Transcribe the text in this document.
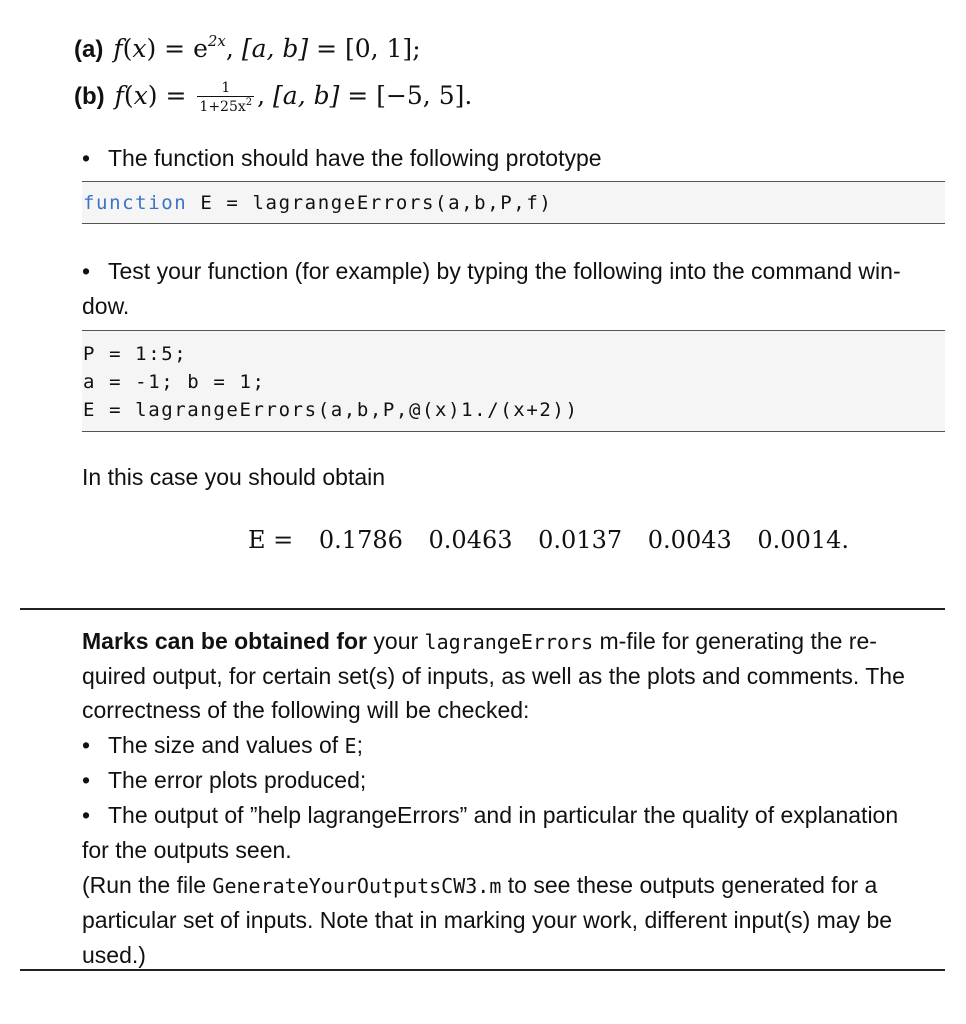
(a) $f(x) = e^{2x}$, [a, b] = [0, 1];
(b) $f(x) = \frac{1}{1+25x^2}$ , [a, b] = [−5, 5].
• The function should have the following prototype
function E = lagrangeErrors(a,b,P,f)
• Test your function (for example) by typing the following into the command win-
dow.
P = 1:5;
a = -1; b = 1;
E = lagrangeErrors(a,b,P,@(x)1./(x+2))
In this case you should obtain
E = 0.1786 0.0463 0.0137 0.0043 0.0014.
Marks can be obtained for your lagrangeErrors m-file for generating the re-
quired output, for certain set(s) of inputs, as well as the plots and comments. The
correctness of the following will be checked:
• The size and values of E;
• The error plots produced;
• The output of ”help lagrangeErrors” and in particular the quality of explanation
for the outputs seen.
(Run the file GenerateYourOutputsCW3.m to see these outputs generated for a
particular set of inputs. Note that in marking your work, different input(s) may be
used.)
